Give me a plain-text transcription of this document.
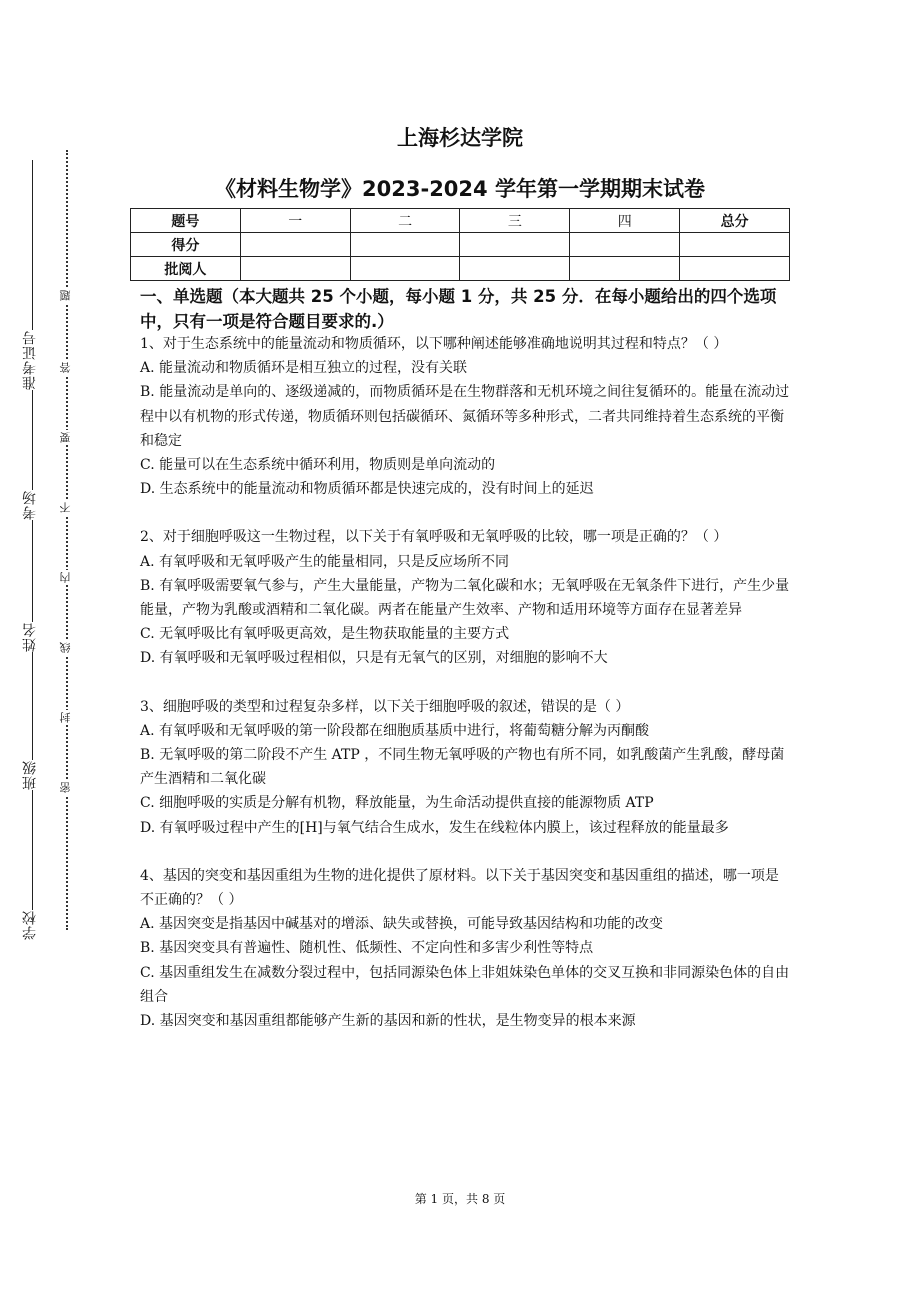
准考证号
考场
姓名
班级
学校
题
答
要
不
内
线
封
密
上海杉达学院
《材料生物学》2023-2024 学年第一学期期末试卷
题号	一	二	三	四	总分
得分					
批阅人					
一、单选题（本大题共 25 个小题，每小题 1 分，共 25 分．在每小题给出的四个选项中，只有一项是符合题目要求的.）

1、对于生态系统中的能量流动和物质循环，以下哪种阐述能够准确地说明其过程和特点？（ ）

A. 能量流动和物质循环是相互独立的过程，没有关联

B. 能量流动是单向的、逐级递减的，而物质循环是在生物群落和无机环境之间往复循环的。能量在流动过程中以有机物的形式传递，物质循环则包括碳循环、氮循环等多种形式，二者共同维持着生态系统的平衡和稳定

C. 能量可以在生态系统中循环利用，物质则是单向流动的

D. 生态系统中的能量流动和物质循环都是快速完成的，没有时间上的延迟

2、对于细胞呼吸这一生物过程，以下关于有氧呼吸和无氧呼吸的比较，哪一项是正确的？（ ）

A. 有氧呼吸和无氧呼吸产生的能量相同，只是反应场所不同

B. 有氧呼吸需要氧气参与，产生大量能量，产物为二氧化碳和水；无氧呼吸在无氧条件下进行，产生少量能量，产物为乳酸或酒精和二氧化碳。两者在能量产生效率、产物和适用环境等方面存在显著差异

C. 无氧呼吸比有氧呼吸更高效，是生物获取能量的主要方式

D. 有氧呼吸和无氧呼吸过程相似，只是有无氧气的区别，对细胞的影响不大

3、细胞呼吸的类型和过程复杂多样，以下关于细胞呼吸的叙述，错误的是（ ）

A. 有氧呼吸和无氧呼吸的第一阶段都在细胞质基质中进行，将葡萄糖分解为丙酮酸

B. 无氧呼吸的第二阶段不产生 ATP ，不同生物无氧呼吸的产物也有所不同，如乳酸菌产生乳酸，酵母菌产生酒精和二氧化碳

C. 细胞呼吸的实质是分解有机物，释放能量，为生命活动提供直接的能源物质 ATP

D. 有氧呼吸过程中产生的[H]与氧气结合生成水，发生在线粒体内膜上，该过程释放的能量最多

4、基因的突变和基因重组为生物的进化提供了原材料。以下关于基因突变和基因重组的描述，哪一项是不正确的？（ ）

A. 基因突变是指基因中碱基对的增添、缺失或替换，可能导致基因结构和功能的改变

B. 基因突变具有普遍性、随机性、低频性、不定向性和多害少利性等特点

C. 基因重组发生在减数分裂过程中，包括同源染色体上非姐妹染色单体的交叉互换和非同源染色体的自由组合

D. 基因突变和基因重组都能够产生新的基因和新的性状，是生物变异的根本来源

第 1 页，共 8 页
